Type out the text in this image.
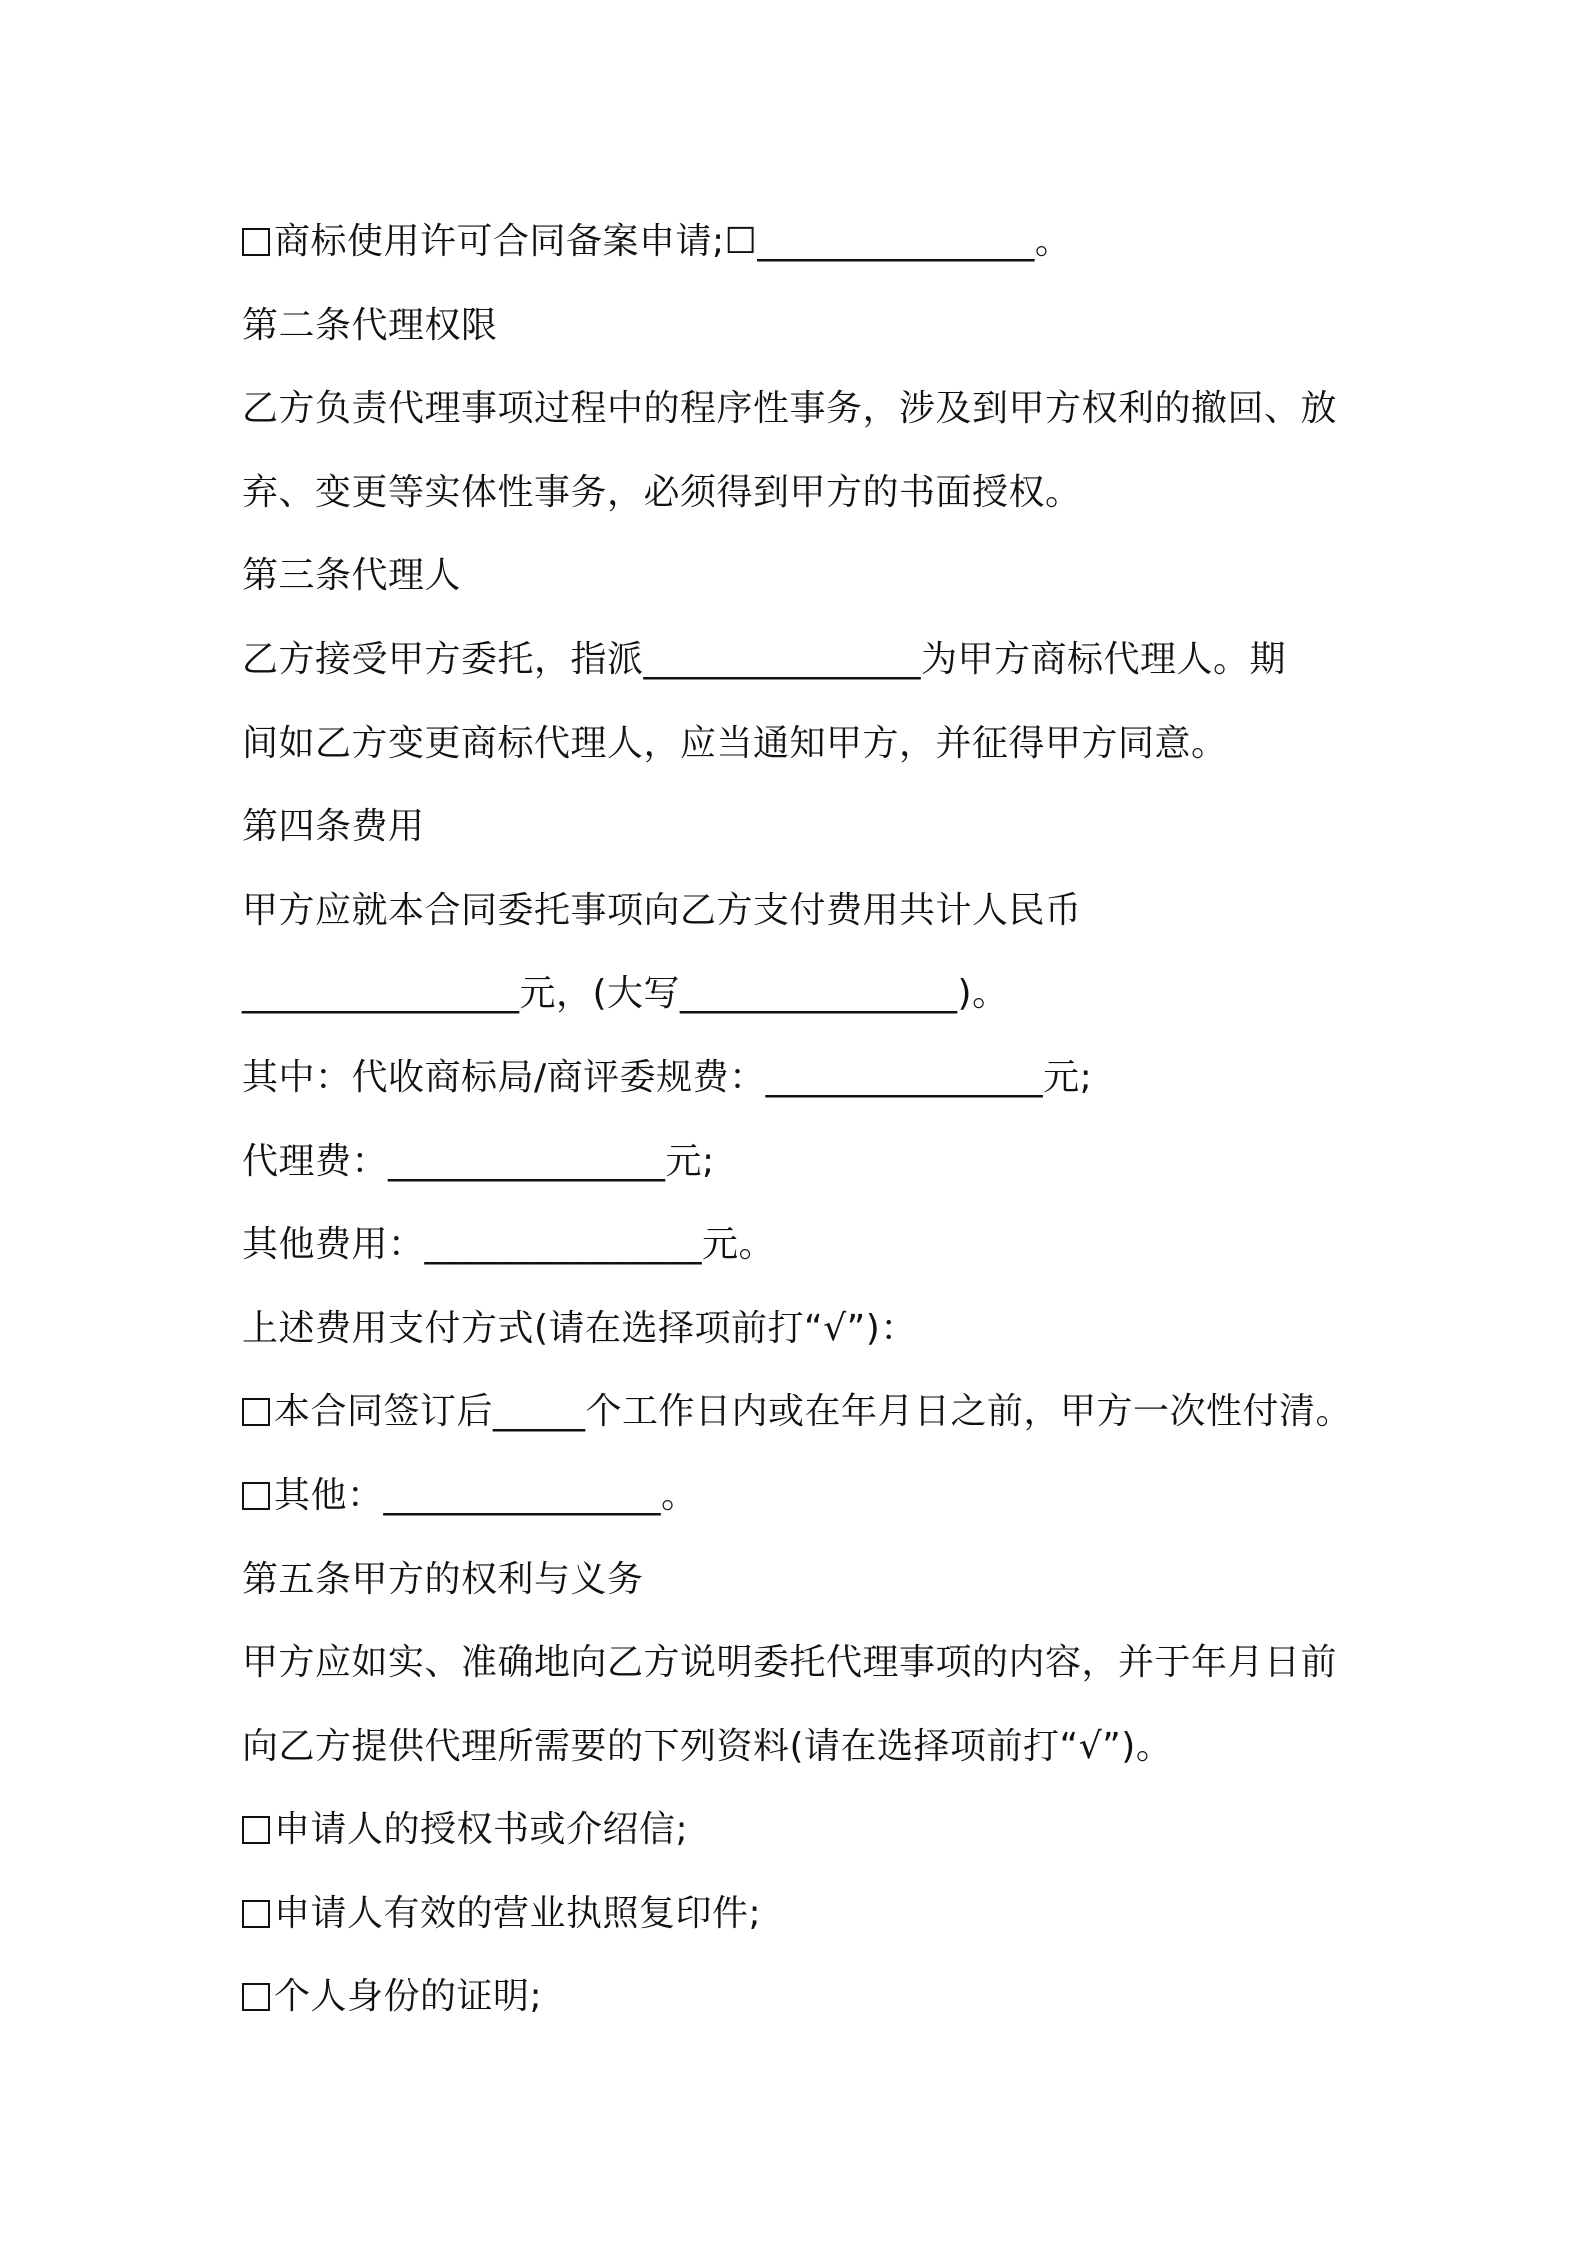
商标使用许可合同备案申请;☐_______________。
第二条代理权限
乙方负责代理事项过程中的程序性事务，涉及到甲方权利的撤回、放
弃、变更等实体性事务，必须得到甲方的书面授权。
第三条代理人
乙方接受甲方委托，指派_______________为甲方商标代理人。期
间如乙方变更商标代理人，应当通知甲方，并征得甲方同意。
第四条费用
甲方应就本合同委托事项向乙方支付费用共计人民币
_______________元，(大写_______________)。
其中：代收商标局/商评委规费：_______________元;
代理费：_______________元;
其他费用：_______________元。
上述费用支付方式(请在选择项前打“√”)：
本合同签订后_____个工作日内或在年月日之前，甲方一次性付清。
其他：_______________。
第五条甲方的权利与义务
甲方应如实、准确地向乙方说明委托代理事项的内容，并于年月日前
向乙方提供代理所需要的下列资料(请在选择项前打“√”)。
申请人的授权书或介绍信;
申请人有效的营业执照复印件;
个人身份的证明;
